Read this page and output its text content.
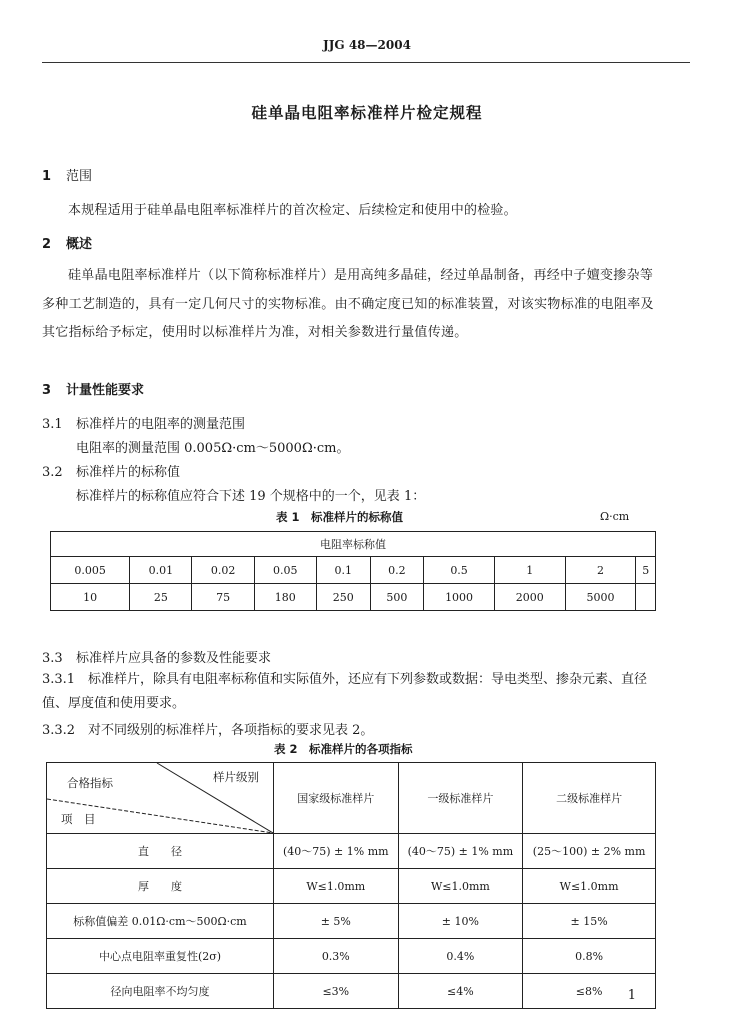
JJG 48—2004
硅单晶电阻率标准样片检定规程
1 范围
本规程适用于硅单晶电阻率标准样片的首次检定、后续检定和使用中的检验。
2 概述
硅单晶电阻率标准样片（以下简称标准样片）是用高纯多晶硅，经过单晶制备，再经中子嬗变掺杂等多种工艺制造的，具有一定几何尺寸的实物标准。由不确定度已知的标准装置，对该实物标准的电阻率及其它指标给予标定，使用时以标准样片为准，对相关参数进行量值传递。
3 计量性能要求
3.1 标准样片的电阻率的测量范围
电阻率的测量范围 0.005Ω·cm～5000Ω·cm。
3.2 标准样片的标称值
标准样片的标称值应符合下述 19 个规格中的一个，见表 1：
表 1　标准样片的标称值	Ω·cm
电阻率标称值									
0.005	0.01	0.02	0.05	0.1	0.2	0.5	1	2	5
10	25	75	180	250	500	1000	2000	5000	
3.3 标准样片应具备的参数及性能要求
3.3.1 标准样片，除具有电阻率标称值和实际值外，还应有下列参数或数据：导电类型、掺杂元素、直径值、厚度值和使用要求。
3.3.2 对不同级别的标准样片，各项指标的要求见表 2。
表 2　标准样片的各项指标
样片级别
合格指标
项　目	国家级标准样片	一级标准样片	二级标准样片
直　　径	(40～75) ± 1% mm	(40～75) ± 1% mm	(25～100) ± 2% mm
厚　　度	W≤1.0mm	W≤1.0mm	W≤1.0mm
标称值偏差 0.01Ω·cm～500Ω·cm	± 5%	± 10%	± 15%
中心点电阻率重复性(2σ)	0.3%	0.4%	0.8%
径向电阻率不均匀度	≤3%	≤4%	≤8% 1
